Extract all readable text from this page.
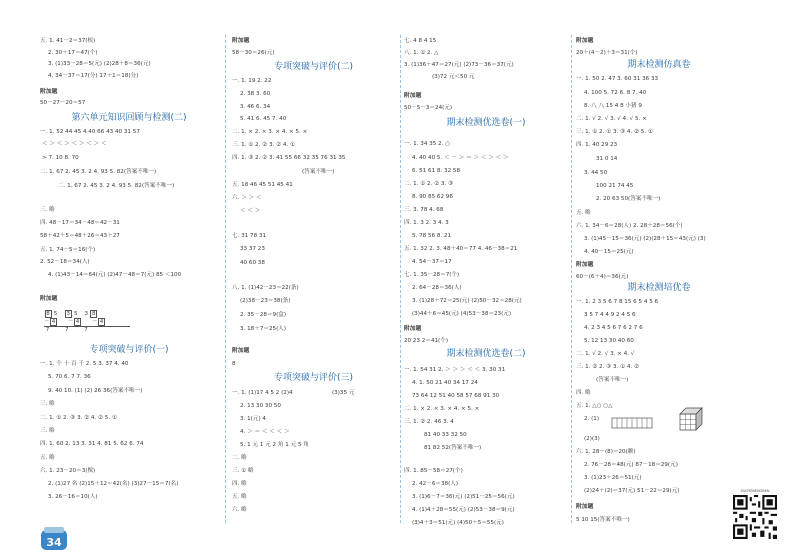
五. 1. 41－2＝37(根)
2. 30＋17＝47(个)
3. (1)33－28＝5(元) (2)28＋8＝36(元)
4. 34－37＝17(分) 17＋1＝18(分)
附加题
50－27－20＝57
第六单元知识回顾与检测(二)
一. 1. 52 44 45 4 40 66 43 40 31 57
＜ ＞ ＜ ＞ ＜ ＞ ＜ ＞ ＜
> 7. 10 8. 70
二. 1. 67 2. 45 3. 2 4. 93 5. 82(答案不唯一)
二. 1. 67 2. 45 3. 2 4. 93 5. 82(答案不唯一)
三. 略
四. 48－17＝34－48＝42－31
58＋42＋5＝48＋26＝43＋27
五. 1. 74－5＝16(个)
2. 52－18＝34(人)
4. (1)43－14＝64(元) (2)47－48＝7(元) 85 ＜100
附加题
8 5 3 5 3 8
－ 4      － 4      － 4
7	7	7
专项突破与评价(一)
一. 1. 个 十 百 千 2. 5 3. 37 4. 40
5. 70 6. 7 7. 36
9. 40 10. (1) (2) 26 36(答案不唯一)
三. 略
二. 1. ① 2. ③ 3. ② 4. ② 5. ①
三. 略
四. 1. 60 2. 13 3. 31 4. 81 5. 62 6. 74
五. 略
六. 1. 23－20＝3(棵)
2. (1)27 名 (2)15＋12＝42(名) (3)27－15＝7(名)
3. 26－16＝10(人)
附加题
58－30＝26(元)
专项突破与评价(二)
一. 1. 19 2. 22
2. 38 3. 60
3. 46 6. 34
5. 41 6. 45 7. 40
二. 1. × 2. × 3. × 4. × 5. ×
三. 1. ① 2. ② 3. ② 4. ①
四. 1. ③ 2. ② 3. 41 55 66 32 35 76 31 35
(答案不唯一)
五. 18 46 45 51 45 41
六. ＞ ＞ ＜
＜ ＜ ＞
七. 31 78 31
33 37 23
40 60 38
八. 1. (1)42－23＝22(条)
(2)38－23＝38(条)
2. 35－28＝9(盒)
3. 18＋7＝25(人)
附加题
8
专项突破与评价(三)
一. 1. (1)17 4 5 2 (2)4	(3)35 元
2. 13 30 30 50
3. 1(元) 4
4. ＞ ＝ ＜ ＜ ＜ ＞
5. 1 元 1 元 2 角 1 元 5 角
二. 略
三. ① 略
四. 略
五. 略
六. 略
七. 4 8 4 15
八. 1. ① 2. △
3. (1)36＋47＝27(元) (2)73－36＝37(元)
(3)72 元＜50 元
附加题
50－5－3＝24(元)
期末检测优选卷(一)
一. 1. 34 35 2. ○
4. 40 40 5. ＜ － ＞ ＝ ＞ ＜ ＞ ＜ ＞
6. 51 61 8. 32 58
二. 1. ① 2. ② 3. ③
8. 90 85 62 96
三. 3. 78 4. 68
四. 1. 3 2. 3 4. 3
5. 78 56 8. 21
五. 1. 32 2. 3. 48＋40＝77 4. 46－38＝21
4. 54－37＝17
七. 1. 35－28＝7(个)
2. 64－28＝36(人)
3. (1)28＋72＝25(元) (2)50－32＝28(元)
(3)44＋6＝45(元) (4)53－38＝23(元)
附加题
20 23 2＝41(个)
期末检测优选卷(二)
一. 1. 54 31 2. ＞ ＞ ＞ ＜ ＜ 3. 30 31
4. 1. 50 21 40 34 17 24
73 64 12 51 40 58 57 68 91 30
二. 1. × 2. × 3. × 4. × 5. ×
三. 1. ② 2. 46 3. 4
81 40 33 32 50
81 82 52(答案不唯一)
四. 1. 85－58＝27(个)
2. 42－6＝38(人)
3. (1)6－7＝36(元) (2)51－25＝56(元)
4. (1)4＋28＝55(元) (2)53－38＝9(元)
(3)4＋3＝51(元) (4)50＋5＝55(元)
附加题
20＋(4－2)＋3＝31(个)
期末检测仿真卷
一. 1. 50 2. 47 3. 60 31 36 33
4. 100 5. 72 6. 8 7. 40
8. 八 八 15 4 8 小猪 9
二. 1. √ 2. √ 3. √ 4. √ 5. ×
三. 1. ① 2. ① 3. ③ 4. ② 5. ①
四. 1. 40 29 23
31 0 14
3. 44 50
100 21 74 45
2. 20 63 50(答案不唯一)
五. 略
六. 1. 34－6＝28(人) 2. 28＋28＝56(个)
3. (1)45－15＝36(元) (2)(28＋15＝43(元) (3)
4. 40－15＝25(元)
附加题
60－(6＋4)＝36(元)
期末检测培优卷
一. 1. 2 3 5 6 7 8 15 6 5 4 5 6
3 5 7 4 4 9 2 4 5 6
4. 2 3 4 5 6 7 6 2 7 6
5. 12 13 30 40 60
二. 1. √ 2. √ 3. × 4. √
三. 1. ② 2. ③ 3. ① 4. ②
(答案不唯一)
四. 略
五. 1. △○ ○△
2. (1)
(2)(3)
六. 1. 28－(8)＝20(颗)
2. 76－28＝48(元) 87－18＝29(元)
3. (1)23＋26＝51(元)
(2)24＋(2)＝37(元) 51－22＝29(元)
附加题
5 10 15(答案不唯一)
34
ZUOYEBENOBEN
